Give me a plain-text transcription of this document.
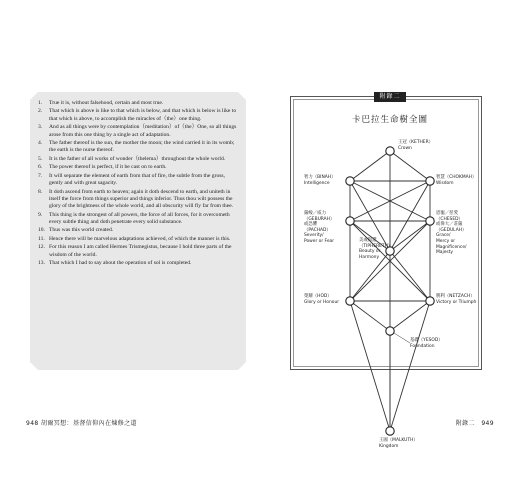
1. True it is, without falsehood, certain and most true.
2. That which is above is like to that which is below, and that which is below is like to that which is above, to accomplish the miracles of（the）one thing.
3. And as all things were by contemplation（meditation）of（the）One, so all things arose from this one thing by a single act of adaptation.
4. The father thereof is the sun, the mother the moon; the wind carried it in its womb; the earth is the nurse thereof.
5. It is the father of all works of wonder（thelema）throughout the whole world.
6. The power thereof is perfect, if it be cast on to earth.
7. It will separate the element of earth from that of fire, the subtle from the gross, gently and with great sagacity.
8. It doth ascend from earth to heaven; again it doth descend to earth, and uniteth in itself the force from things superior and things inferior. Thus thou wilt possess the glory of the brightness of the whole world, and all obscurity will fly far from thee.
9. This thing is the strongest of all powers, the force of all forces, for it overcometh every subtle thing and doth penetrate every solid substance.
10. Thus was this world created.
11. Hence there will be marvelous adaptations achieved, of which the manner is this.
12. For this reason I am called Hermes Trismegistus, because I hold three parts of the wisdom of the world.
13. That which I had to say about the operation of sol is completed.
948 胡爾冥想：基督信仰內在煉修之道
附錄二
卡巴拉生命樹全圖
王冠（KETHER）
Crown
智力（BINAH）
Intelligence
智慧（CHOKMAH）
Wisdom
嚴峻／威力
（GEBURAH）
或恐懼
（PACHAD）
Severity/
Power or Fear
恩寵／慈愛
（CHESED）
或偉大／莊嚴
（GEDULAH）
Grace/
Mercy or
Magnificence/
Majesty
美或和諧
（TIPHERETH）
Beauty or
Harmony
榮耀（HOD）
Glory or Honour
勝利（NETZACH）
Victory or Triumph
基礎（YESOD）
Foundation
王國（MALKUTH）
Kingdom
附錄二　949
